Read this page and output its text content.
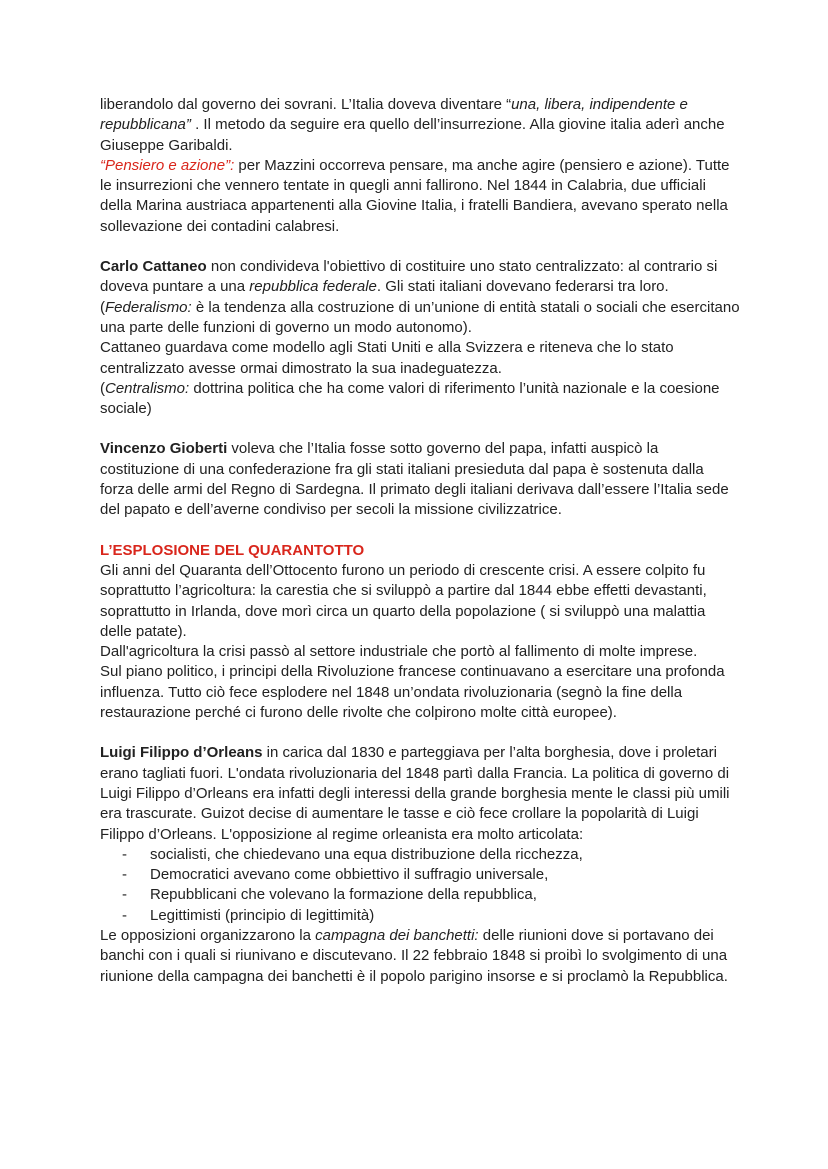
liberandolo dal governo dei sovrani. L’Italia doveva diventare “una, libera, indipendente e repubblicana” . Il metodo da seguire era quello dell’insurrezione. Alla giovine italia aderì anche Giuseppe Garibaldi.

“Pensiero e azione”: per Mazzini occorreva pensare, ma anche agire (pensiero e azione). Tutte le insurrezioni che vennero tentate in quegli anni fallirono. Nel 1844 in Calabria, due ufficiali della Marina austriaca appartenenti alla Giovine Italia, i fratelli Bandiera, avevano sperato nella sollevazione dei contadini calabresi.

Carlo Cattaneo non condivideva l'obiettivo di costituire uno stato centralizzato: al contrario si doveva puntare a una repubblica federale. Gli stati italiani dovevano federarsi tra loro.

(Federalismo: è la tendenza alla costruzione di un’unione di entità statali o sociali che esercitano una parte delle funzioni di governo un modo autonomo).

Cattaneo guardava come modello agli Stati Uniti e alla Svizzera e riteneva che lo stato centralizzato avesse ormai dimostrato la sua inadeguatezza.

(Centralismo: dottrina politica che ha come valori di riferimento l’unità nazionale e la coesione sociale)

Vincenzo Gioberti voleva che l’Italia fosse sotto governo del papa, infatti auspicò la costituzione di una confederazione fra gli stati italiani presieduta dal papa è sostenuta dalla forza delle armi del Regno di Sardegna. Il primato degli italiani derivava dall’essere l’Italia sede del papato e dell’averne condiviso per secoli la missione civilizzatrice.

L’ESPLOSIONE DEL QUARANTOTTO

Gli anni del Quaranta dell’Ottocento furono un periodo di crescente crisi. A essere colpito fu soprattutto l’agricoltura: la carestia che si sviluppò a partire dal 1844 ebbe effetti devastanti, soprattutto in Irlanda, dove morì circa un quarto della popolazione ( si sviluppò una malattia delle patate).

Dall'agricoltura la crisi passò al settore industriale che portò al fallimento di molte imprese.

Sul piano politico, i principi della Rivoluzione francese continuavano a esercitare una profonda influenza. Tutto ciò fece esplodere nel 1848 un’ondata rivoluzionaria (segnò la fine della restaurazione perché ci furono delle rivolte che colpirono molte città europee).

Luigi Filippo d’Orleans in carica dal 1830 e parteggiava per l’alta borghesia, dove i proletari erano tagliati fuori. L'ondata rivoluzionaria del 1848 partì dalla Francia. La politica di governo di Luigi Filippo d’Orleans era infatti degli interessi della grande borghesia mente le classi più umili era trascurate. Guizot decise di aumentare le tasse e ciò fece crollare la popolarità di Luigi Filippo d’Orleans. L'opposizione al regime orleanista era molto articolata:

- socialisti, che chiedevano una equa distribuzione della ricchezza,
- Democratici avevano come obbiettivo il suffragio universale,
- Repubblicani che volevano la formazione della repubblica,
- Legittimisti (principio di legittimità)

Le opposizioni organizzarono la campagna dei banchetti: delle riunioni dove si portavano dei banchi con i quali si riunivano e discutevano. Il 22 febbraio 1848 si proibì lo svolgimento di una riunione della campagna dei banchetti è il popolo parigino insorse e si proclamò la Repubblica.
